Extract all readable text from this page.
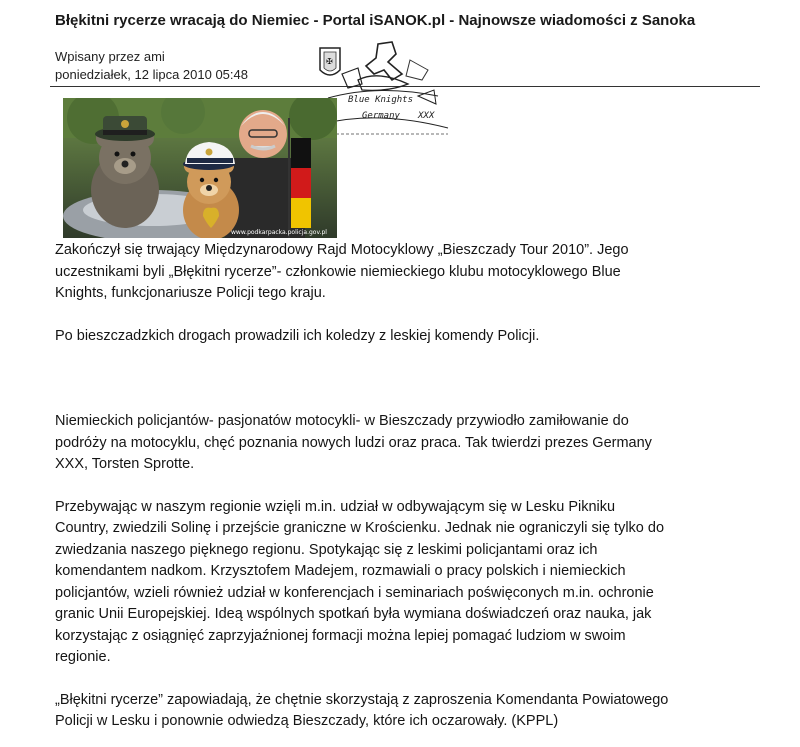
Błękitni rycerze wracają do Niemiec - Portal iSANOK.pl - Najnowsze wiadomości z Sanoka
Wpisany przez ami
poniedziałek, 12 lipca 2010 05:48
✠
Blue Knights
Germany XXX
www.podkarpacka.policja.gov.pl

Zakończył się trwający Międzynarodowy Rajd Motocyklowy „Bieszczady Tour 2010”. Jego
uczestnikami byli „Błękitni rycerze”- członkowie niemieckiego klubu motocyklowego Blue
Knights, funkcjonariusze Policji tego kraju.

Po bieszczadzkich drogach prowadzili ich koledzy z leskiej komendy Policji.

Niemieckich policjantów- pasjonatów motocykli- w Bieszczady przywiodło zamiłowanie do
podróży na motocyklu, chęć poznania nowych ludzi oraz praca. Tak twierdzi prezes Germany
XXX, Torsten Sprotte.

Przebywając w naszym regionie wzięli m.in. udział w odbywającym się w Lesku Pikniku
Country, zwiedzili Solinę i przejście graniczne w Krościenku. Jednak nie ograniczyli się tylko do
zwiedzania naszego pięknego regionu. Spotykając się z leskimi policjantami oraz ich
komendantem nadkom. Krzysztofem Madejem, rozmawiali o pracy polskich i niemieckich
policjantów, wzieli również udział w konferencjach i seminariach poświęconych m.in. ochronie
granic Unii Europejskiej. Ideą wspólnych spotkań była wymiana doświadczeń oraz nauka, jak
korzystając z osiągnięć zaprzyjaźnionej formacji można lepiej pomagać ludziom w swoim
regionie.

„Błękitni rycerze” zapowiadają, że chętnie skorzystają z zaproszenia Komendanta Powiatowego
Policji w Lesku i ponownie odwiedzą Bieszczady, które ich oczarowały. (KPPL)
